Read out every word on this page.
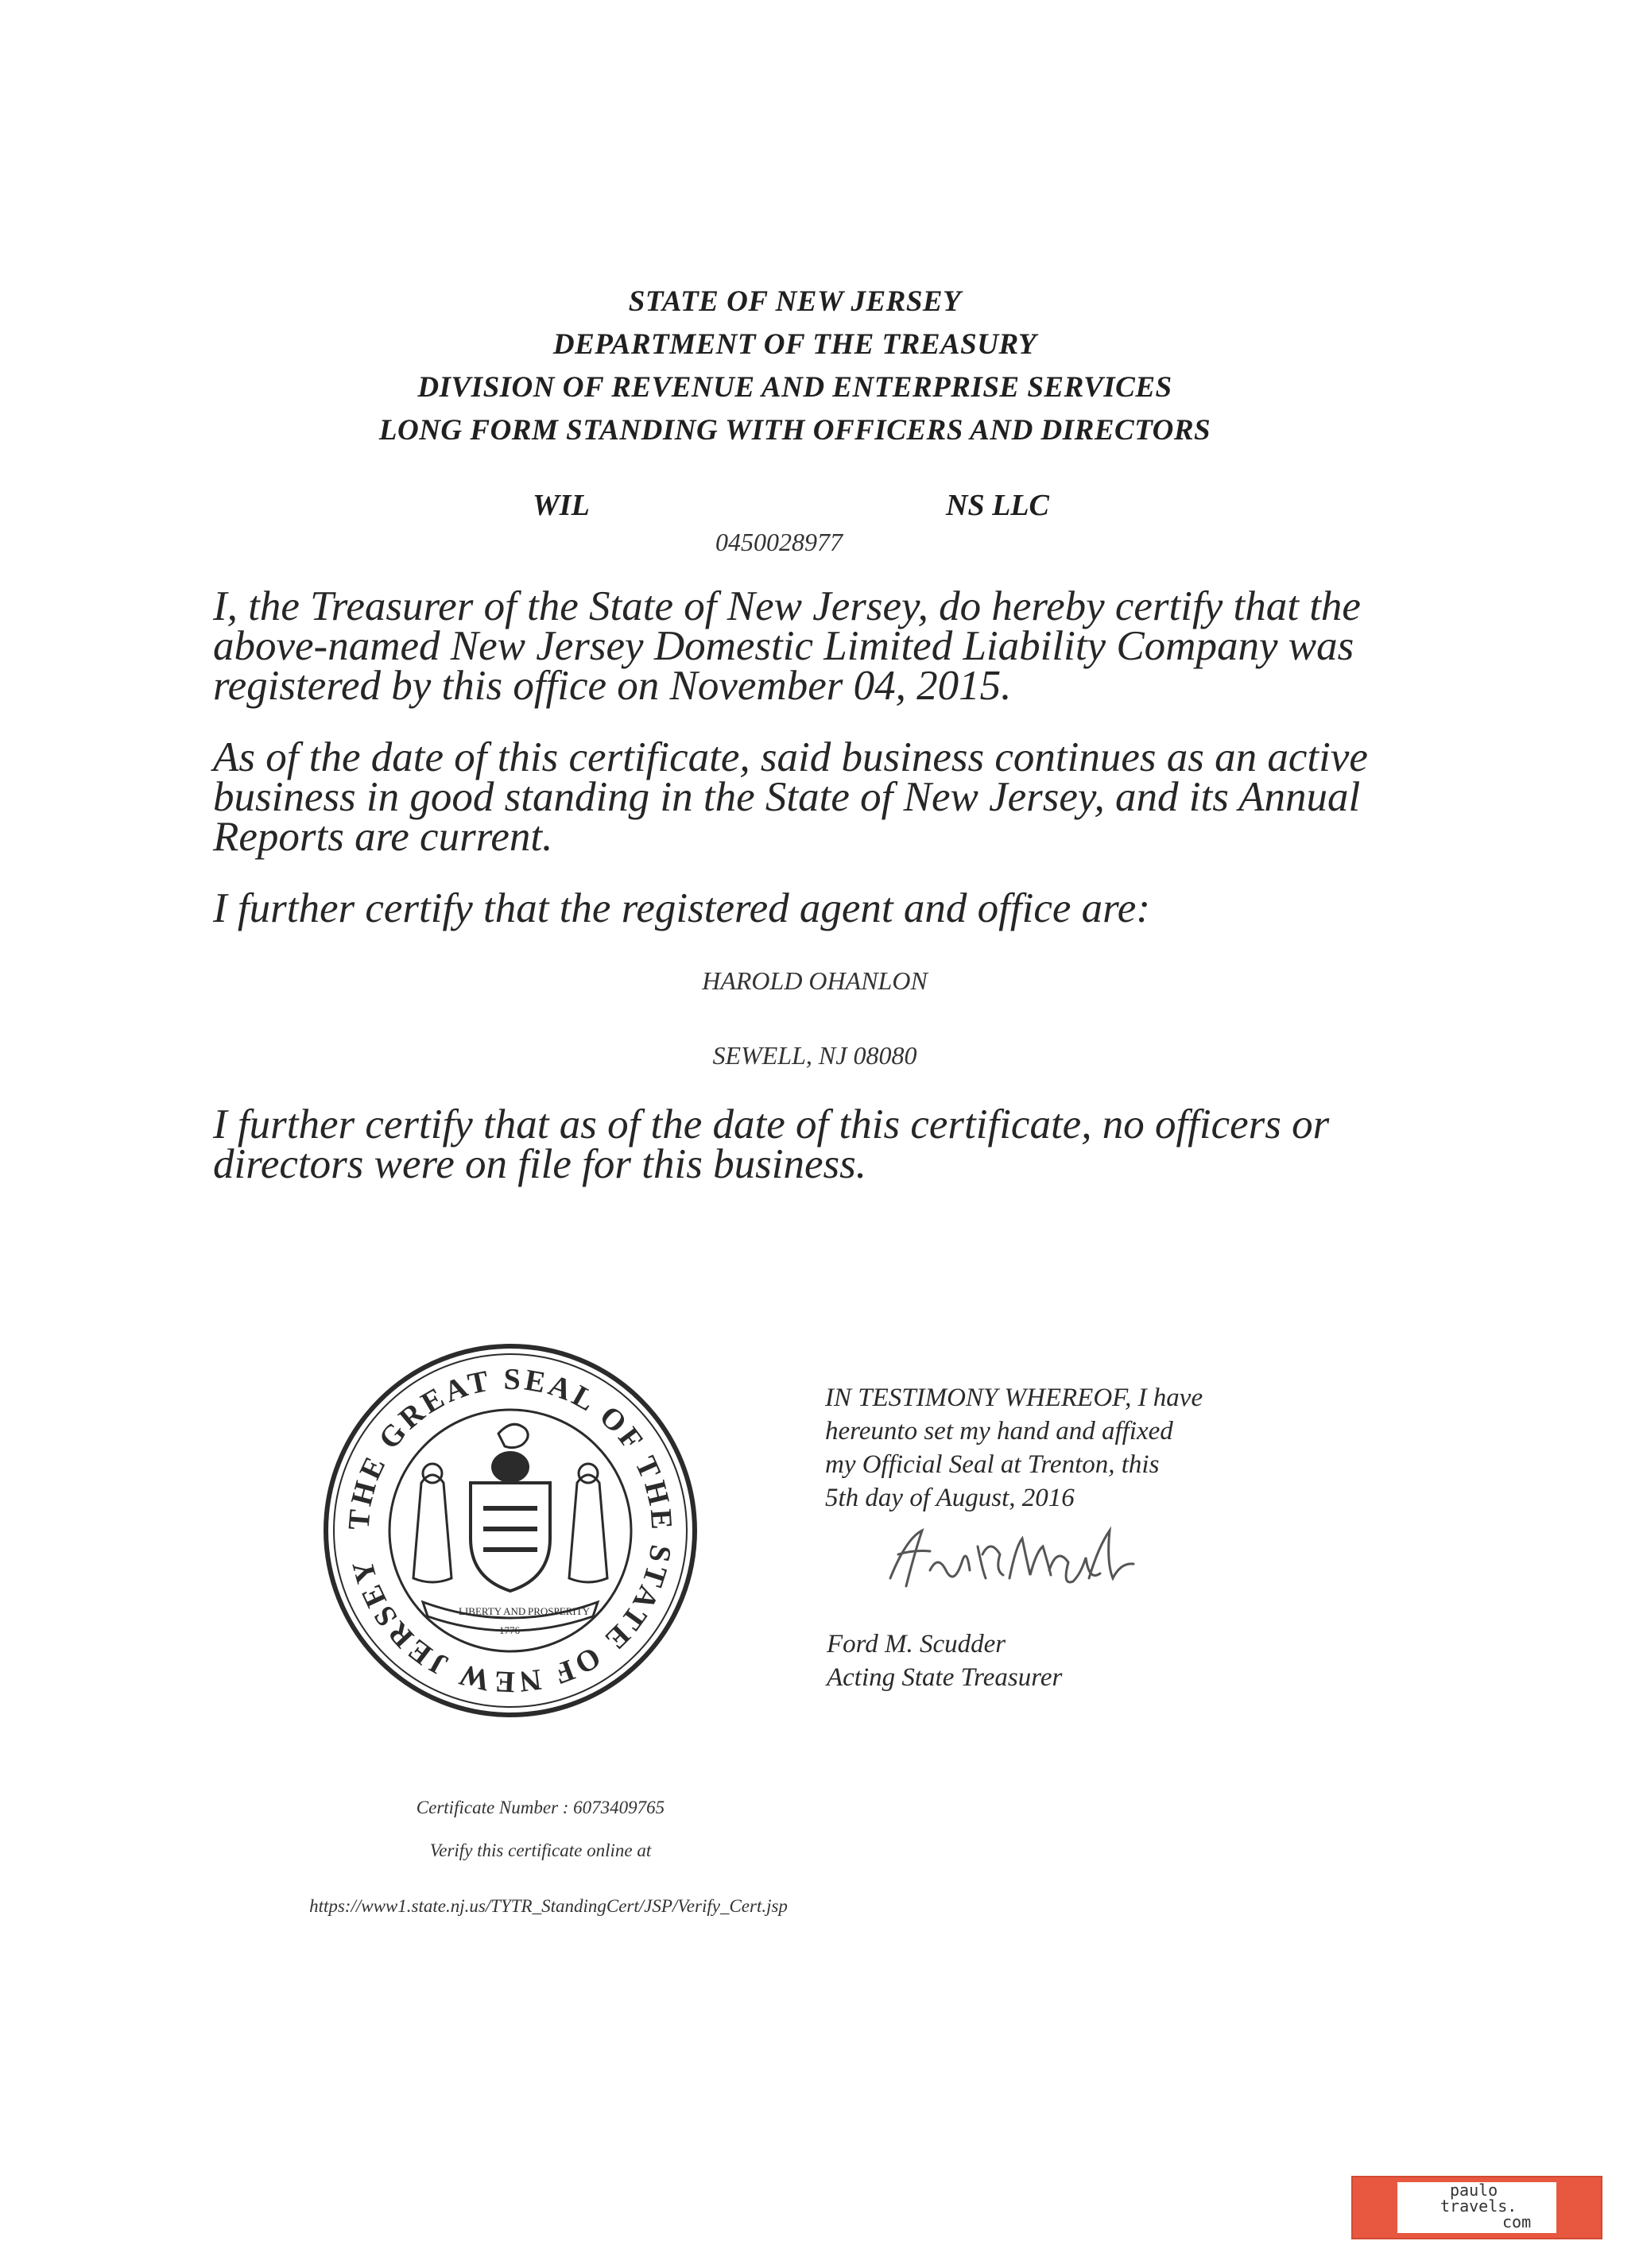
STATE OF NEW JERSEY
DEPARTMENT OF THE TREASURY
DIVISION OF REVENUE AND ENTERPRISE SERVICES
LONG FORM STANDING WITH OFFICERS AND DIRECTORS
WIL	NS LLC
0450028977
I, the Treasurer of the State of New Jersey, do hereby certify that the above-named New Jersey Domestic Limited Liability Company was registered by this office on November 04, 2015.
As of the date of this certificate, said business continues as an active business in good standing in the State of New Jersey, and its Annual Reports are current.
I further certify that the registered agent and office are:
HAROLD OHANLON
SEWELL, NJ 08080
I further certify that as of the date of this certificate, no officers or directors were on file for this business.
THE GREAT SEAL OF THE STATE OF NEW JERSEY
LIBERTY AND PROSPERITY
1776
IN TESTIMONY WHEREOF, I have
hereunto set my hand and affixed
my Official Seal at Trenton, this
5th day of August, 2016
Ford M. Scudder
Acting State Treasurer
Certificate Number : 6073409765
Verify this certificate online at
https://www1.state.nj.us/TYTR_StandingCert/JSP/Verify_Cert.jsp
paulo
travels.
com
